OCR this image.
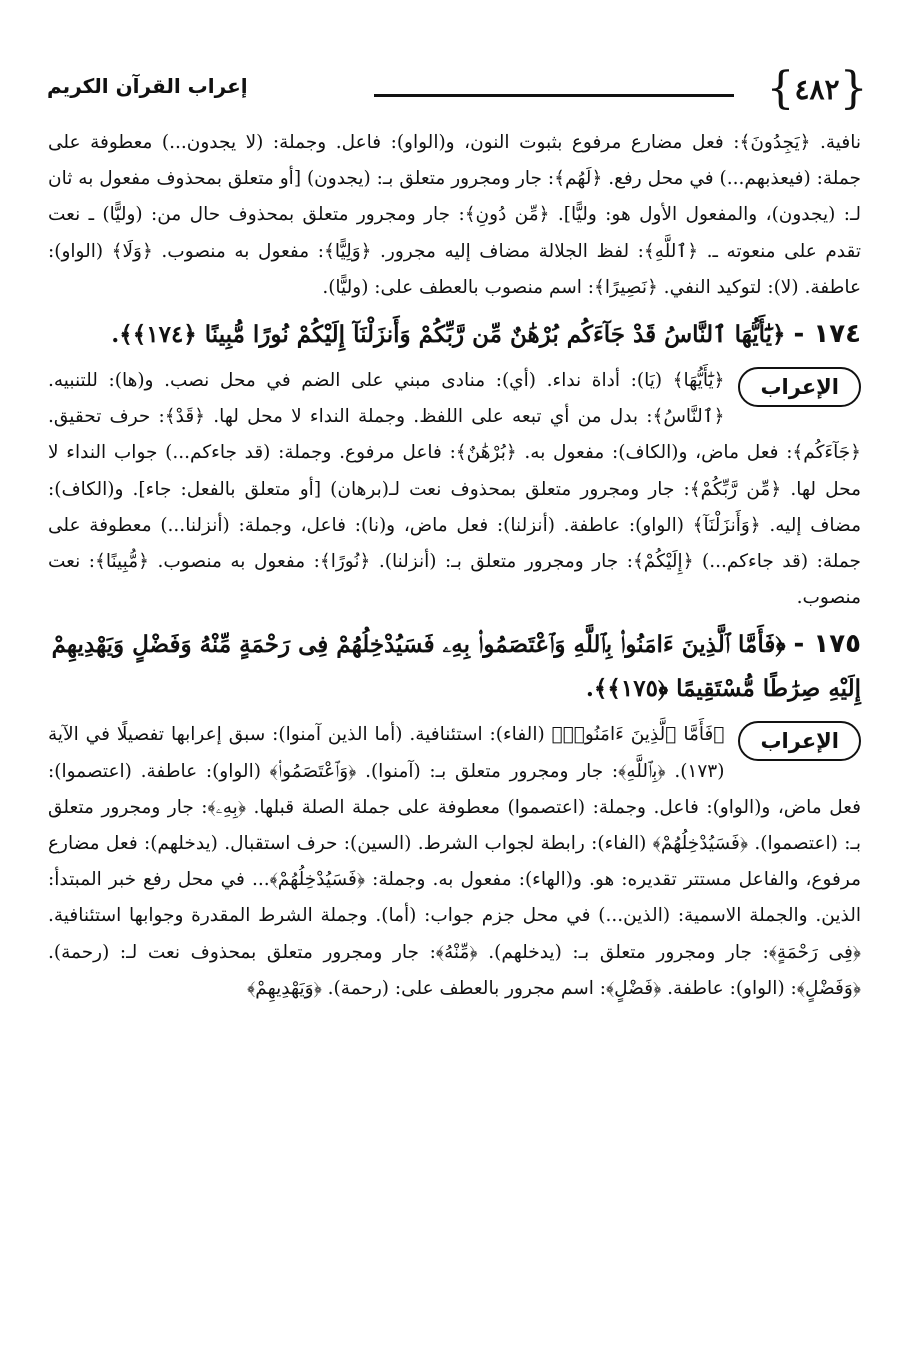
{
٤٨٢
}
إعراب القرآن الكريم

نافية. ﴿يَجِدُونَ﴾: فعل مضارع مرفوع بثبوت النون، و(الواو): فاعل. وجملة: (لا يجدون...) معطوفة على جملة: (فيعذبهم...) في محل رفع. ﴿لَهُم﴾: جار ومجرور متعلق بـ: (يجدون) [أو متعلق بمحذوف مفعول به ثان لـ: (يجدون)، والمفعول الأول هو: وليًّا]. ﴿مِّن دُونِ﴾: جار ومجرور متعلق بمحذوف حال من: (وليًّا) ـ نعت تقدم على منعوته ـ. ﴿ٱللَّهِ﴾: لفظ الجلالة مضاف إليه مجرور. ﴿وَلِيًّا﴾: مفعول به منصوب. ﴿وَلَا﴾ (الواو): عاطفة. (لا): لتوكيد النفي. ﴿نَصِيرًا﴾: اسم منصوب بالعطف على: (وليًّا).

١٧٤ - ﴿يَٰٓأَيُّهَا ٱلنَّاسُ قَدْ جَآءَكُم بُرْهَٰنٌ مِّن رَّبِّكُمْ وَأَنزَلْنَآ إِلَيْكُمْ نُورًا مُّبِينًا ﴿١٧٤﴾﴾.
الإعراب

﴿يَٰٓأَيُّهَا﴾ (يَا): أداة نداء. (أي): منادى مبني على الضم في محل نصب. و(ها): للتنبيه. ﴿ٱلنَّاسُ﴾: بدل من أي تبعه على اللفظ. وجملة النداء لا محل لها. ﴿قَدْ﴾: حرف تحقيق. ﴿جَآءَكُم﴾: فعل ماض، و(الكاف): مفعول به. ﴿بُرْهَٰنٌ﴾: فاعل مرفوع. وجملة: (قد جاءكم...) جواب النداء لا محل لها. ﴿مِّن رَّبِّكُمْ﴾: جار ومجرور متعلق بمحذوف نعت لـ(برهان) [أو متعلق بالفعل: جاء]. و(الكاف): مضاف إليه. ﴿وَأَنزَلْنَآ﴾ (الواو): عاطفة. (أنزلنا): فعل ماض، و(نا): فاعل، وجملة: (أنزلنا...) معطوفة على جملة: (قد جاءكم...) ﴿إِلَيْكُمْ﴾: جار ومجرور متعلق بـ: (أنزلنا). ﴿نُورًا﴾: مفعول به منصوب. ﴿مُّبِينًا﴾: نعت منصوب.

١٧٥ - ﴿فَأَمَّا ٱلَّذِينَ ءَامَنُوا۟ بِٱللَّهِ وَٱعْتَصَمُوا۟ بِهِۦ فَسَيُدْخِلُهُمْ فِى رَحْمَةٍ مِّنْهُ وَفَضْلٍ وَيَهْدِيهِمْ إِلَيْهِ صِرَٰطًا مُّسْتَقِيمًا ﴿١٧٥﴾﴾.
الإعراب

﴿فَأَمَّا ٱلَّذِينَ ءَامَنُوا۟﴾ (الفاء): استئنافية. (أما الذين آمنوا): سبق إعرابها تفصيلًا في الآية (١٧٣). ﴿بِٱللَّهِ﴾: جار ومجرور متعلق بـ: (آمنوا). ﴿وَٱعْتَصَمُوا۟﴾ (الواو): عاطفة. (اعتصموا): فعل ماض، و(الواو): فاعل. وجملة: (اعتصموا) معطوفة على جملة الصلة قبلها. ﴿بِهِۦ﴾: جار ومجرور متعلق بـ: (اعتصموا). ﴿فَسَيُدْخِلُهُمْ﴾ (الفاء): رابطة لجواب الشرط. (السين): حرف استقبال. (يدخلهم): فعل مضارع مرفوع، والفاعل مستتر تقديره: هو. و(الهاء): مفعول به. وجملة: ﴿فَسَيُدْخِلُهُمْ﴾... في محل رفع خبر المبتدأ: الذين. والجملة الاسمية: (الذين...) في محل جزم جواب: (أما). وجملة الشرط المقدرة وجوابها استئنافية. ﴿فِى رَحْمَةٍ﴾: جار ومجرور متعلق بـ: (يدخلهم). ﴿مِّنْهُ﴾: جار ومجرور متعلق بمحذوف نعت لـ: (رحمة). ﴿وَفَضْلٍ﴾: (الواو): عاطفة. ﴿فَضْلٍ﴾: اسم مجرور بالعطف على: (رحمة). ﴿وَيَهْدِيهِمْ﴾
